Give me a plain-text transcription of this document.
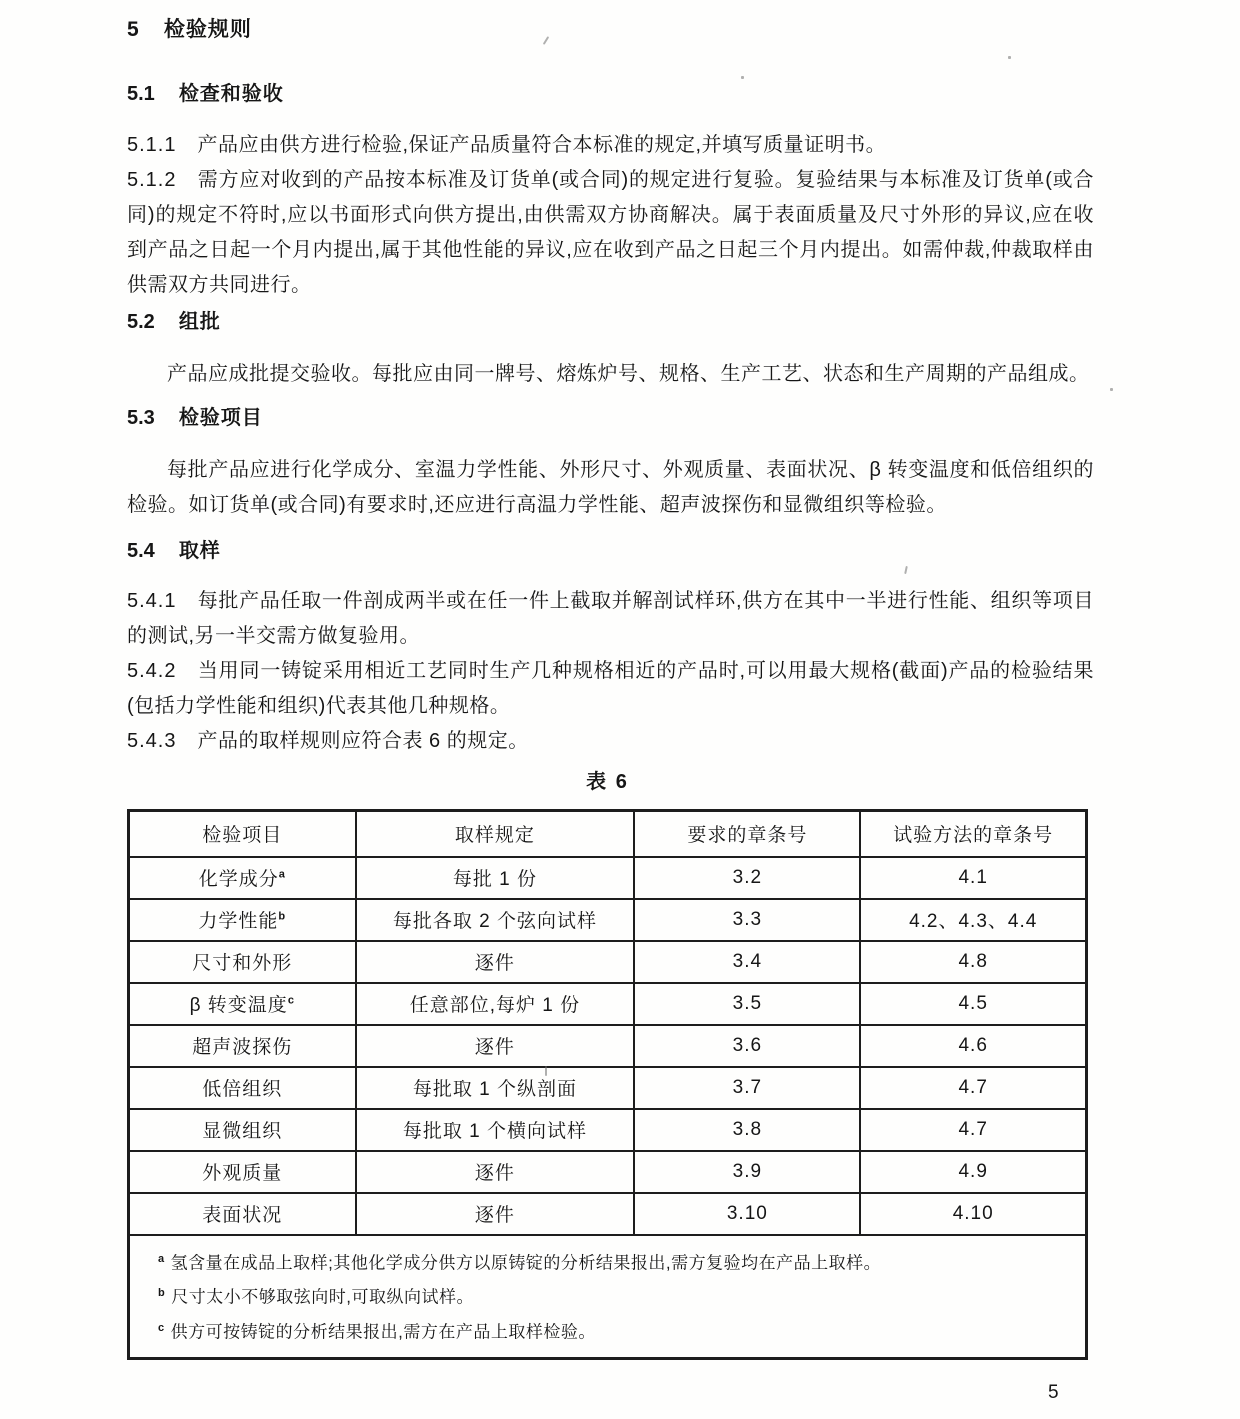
5 检验规则
5.1 检查和验收
5.1.1 产品应由供方进行检验,保证产品质量符合本标准的规定,并填写质量证明书。
5.1.2 需方应对收到的产品按本标准及订货单(或合同)的规定进行复验。复验结果与本标准及订货单(或合同)的规定不符时,应以书面形式向供方提出,由供需双方协商解决。属于表面质量及尺寸外形的异议,应在收到产品之日起一个月内提出,属于其他性能的异议,应在收到产品之日起三个月内提出。如需仲裁,仲裁取样由供需双方共同进行。
5.2 组批
产品应成批提交验收。每批应由同一牌号、熔炼炉号、规格、生产工艺、状态和生产周期的产品组成。
5.3 检验项目
每批产品应进行化学成分、室温力学性能、外形尺寸、外观质量、表面状况、β 转变温度和低倍组织的检验。如订货单(或合同)有要求时,还应进行高温力学性能、超声波探伤和显微组织等检验。
5.4 取样
5.4.1 每批产品任取一件剖成两半或在任一件上截取并解剖试样环,供方在其中一半进行性能、组织等项目的测试,另一半交需方做复验用。
5.4.2 当用同一铸锭采用相近工艺同时生产几种规格相近的产品时,可以用最大规格(截面)产品的检验结果(包括力学性能和组织)代表其他几种规格。
5.4.3 产品的取样规则应符合表 6 的规定。
表 6
检验项目	取样规定	要求的章条号	试验方法的章条号
化学成分$^a$	每批 1 份	3.2	4.1
力学性能$^b$	每批各取 2 个弦向试样	3.3	4.2、4.3、4.4
尺寸和外形	逐件	3.4	4.8
β 转变温度$^c$	任意部位,每炉 1 份	3.5	4.5
超声波探伤	逐件	3.6	4.6
低倍组织	每批取 1 个纵剖面	3.7	4.7
显微组织	每批取 1 个横向试样	3.8	4.7
外观质量	逐件	3.9	4.9
表面状况	逐件	3.10	4.10

$^a$ 氢含量在成品上取样;其他化学成分供方以原铸锭的分析结果报出,需方复验均在产品上取样。
$^b$ 尺寸太小不够取弦向时,可取纵向试样。
$^c$ 供方可按铸锭的分析结果报出,需方在产品上取样检验。			
5
